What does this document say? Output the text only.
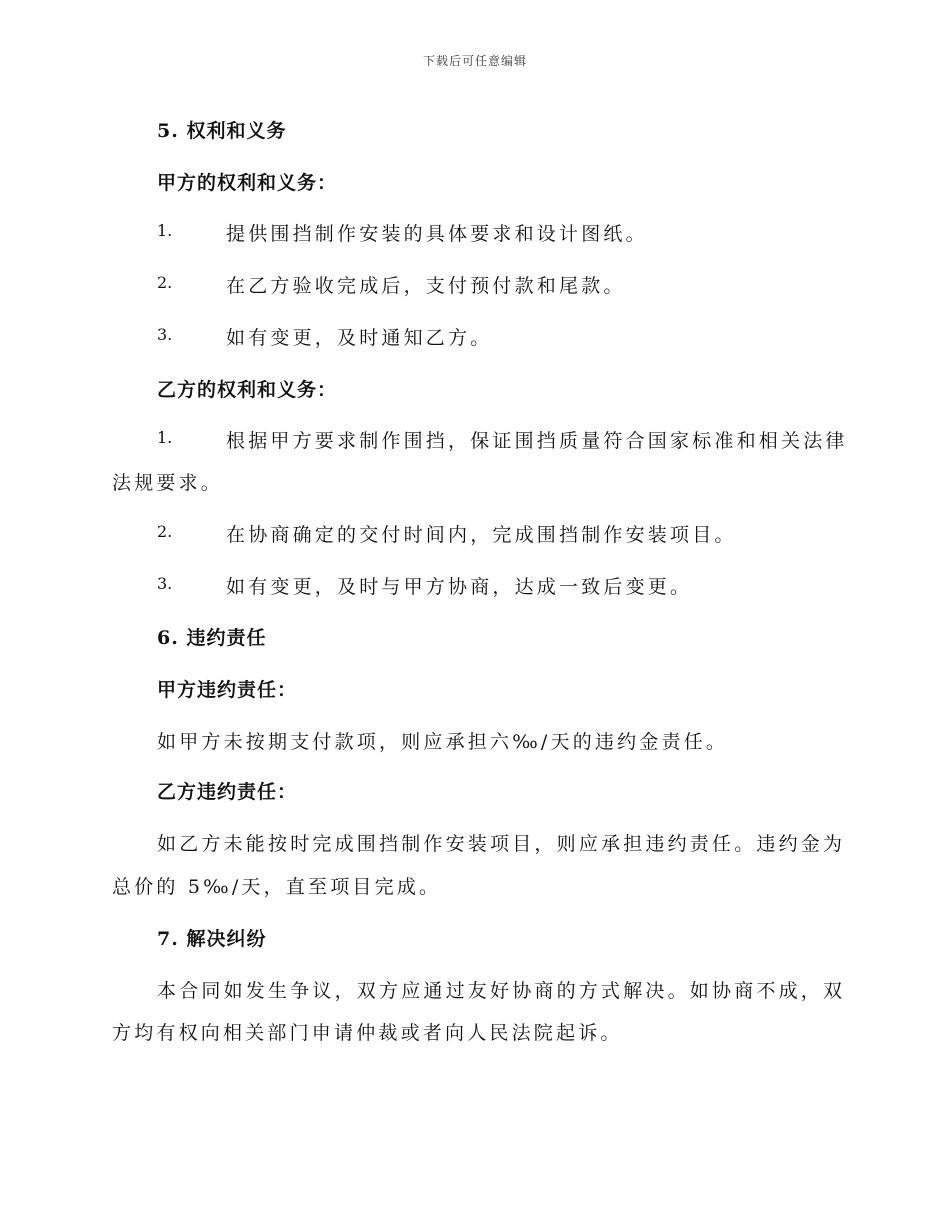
下载后可任意编辑
5. 权利和义务
甲方的权利和义务：
1.	提供围挡制作安装的具体要求和设计图纸。
2.	在乙方验收完成后，支付预付款和尾款。
3.	如有变更，及时通知乙方。
乙方的权利和义务：
1.	根据甲方要求制作围挡，保证围挡质量符合国家标准和相关法律
法规要求。
2.	在协商确定的交付时间内，完成围挡制作安装项目。
3.	如有变更，及时与甲方协商，达成一致后变更。
6. 违约责任
甲方违约责任：
如甲方未按期支付款项，则应承担六‰/天的违约金责任。
乙方违约责任：
如乙方未能按时完成围挡制作安装项目，则应承担违约责任。违约金为
总价的 5‰/天，直至项目完成。
7. 解决纠纷
本合同如发生争议，双方应通过友好协商的方式解决。如协商不成，双
方均有权向相关部门申请仲裁或者向人民法院起诉。
